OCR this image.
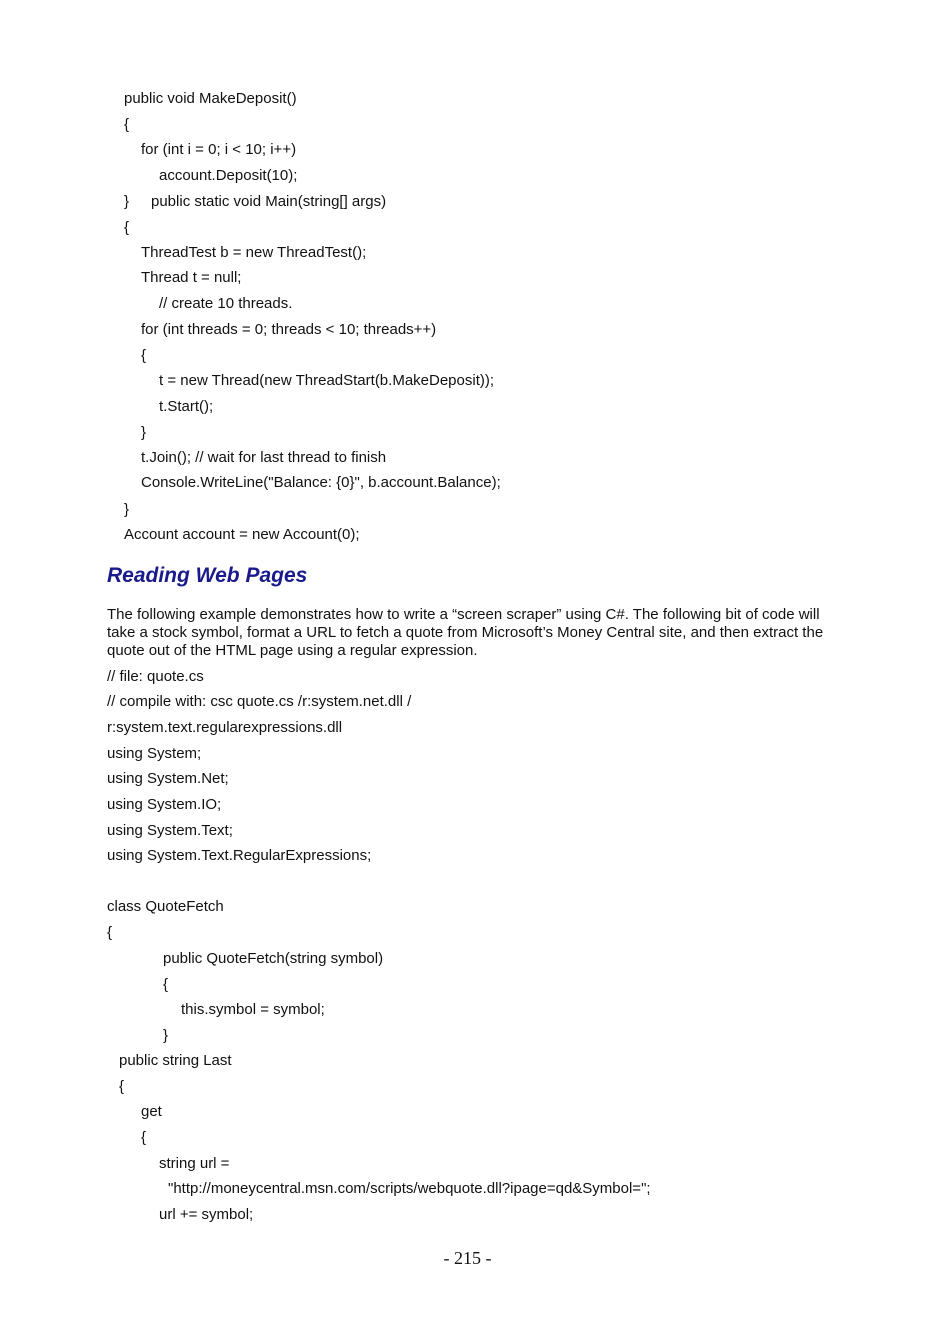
public void MakeDeposit()
{
for (int i = 0; i < 10; i++)
account.Deposit(10);
} public static void Main(string[] args)
{
ThreadTest b = new ThreadTest();
Thread t = null;
// create 10 threads.
for (int threads = 0; threads < 10; threads++)
{
t = new Thread(new ThreadStart(b.MakeDeposit));
t.Start();
}
t.Join(); // wait for last thread to finish
Console.WriteLine("Balance: {0}", b.account.Balance);
}
Account account = new Account(0);
Reading Web Pages
The following example demonstrates how to write a “screen scraper” using C#. The following bit of code will take a stock symbol, format a URL to fetch a quote from Microsoft’s Money Central site, and then extract the quote out of the HTML page using a regular expression.
// file: quote.cs
// compile with: csc quote.cs /r:system.net.dll /
r:system.text.regularexpressions.dll
using System;
using System.Net;
using System.IO;
using System.Text;
using System.Text.RegularExpressions;
class QuoteFetch
{
public QuoteFetch(string symbol)
{
this.symbol = symbol;
}
public string Last
{
get
{
string url =
"http://moneycentral.msn.com/scripts/webquote.dll?ipage=qd&Symbol=";
url += symbol;
- 215 -
